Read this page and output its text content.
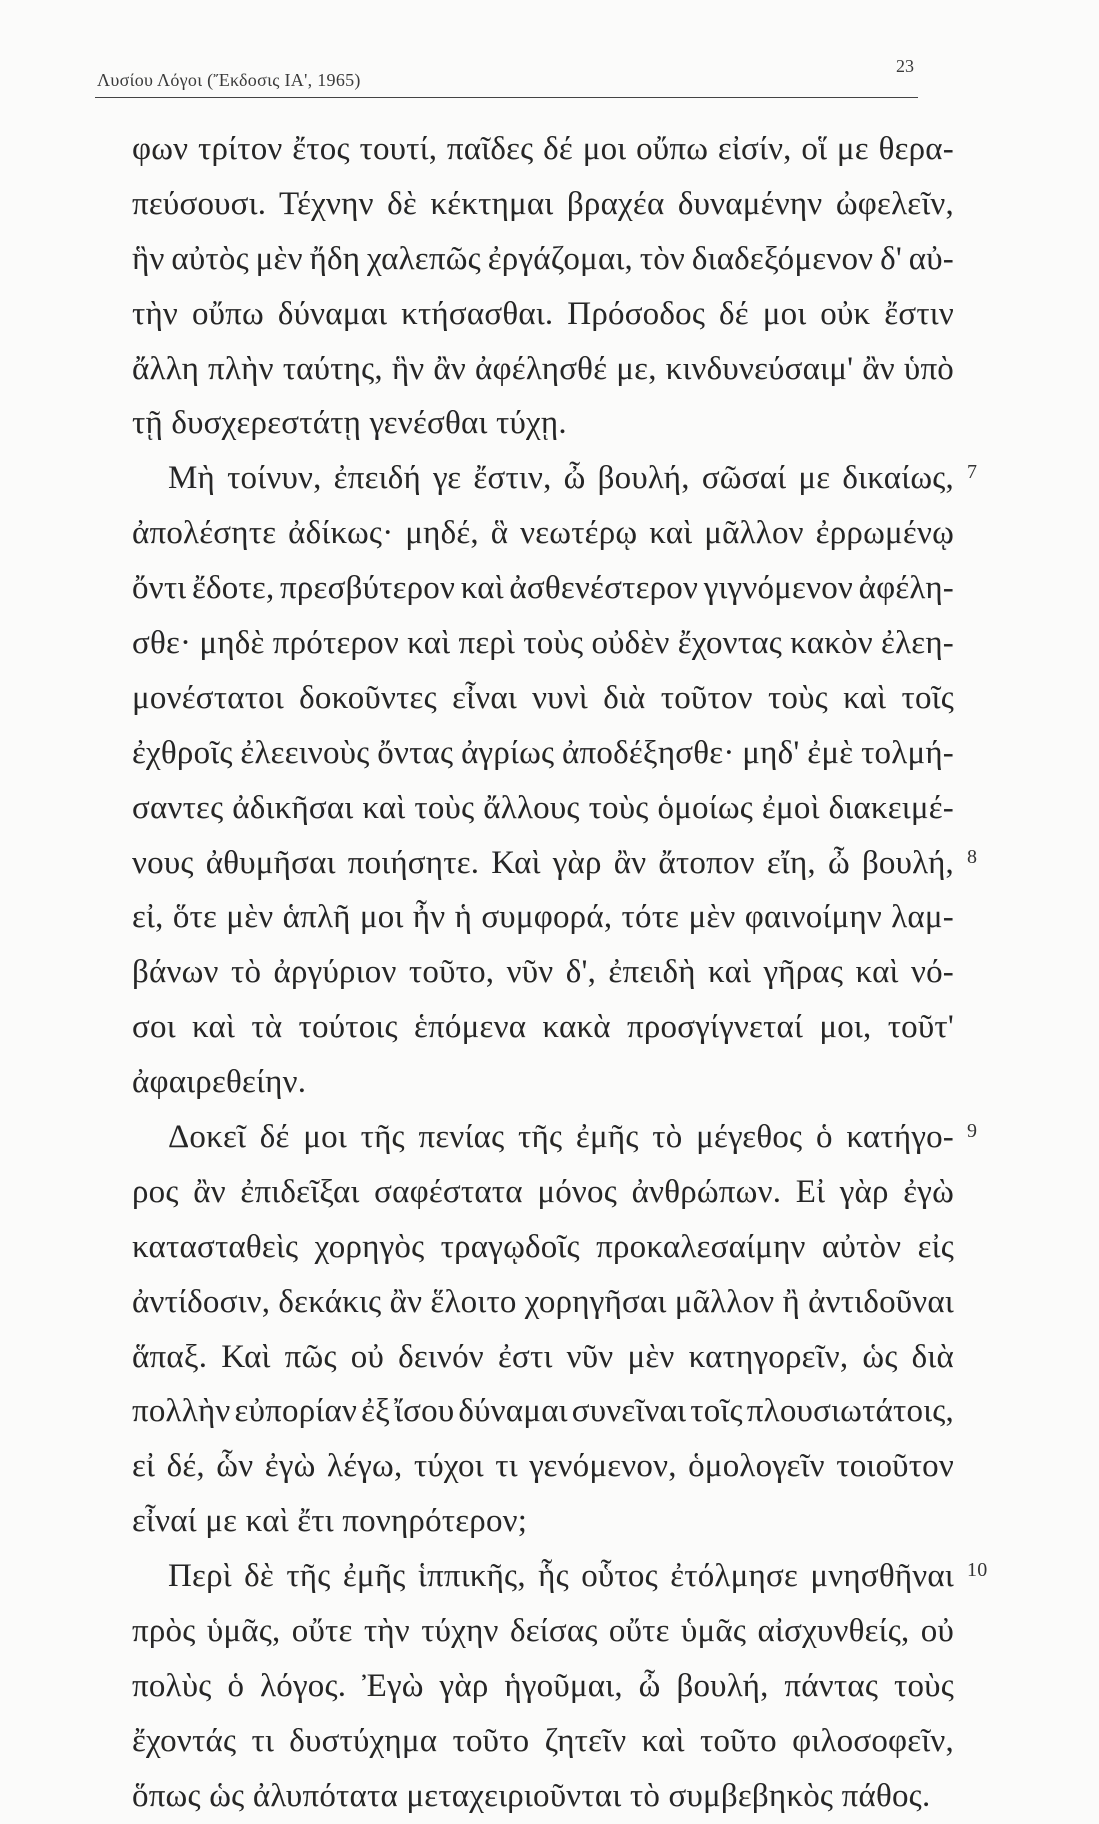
Λυσίου Λόγοι (Ἔκδοσις ΙΑ', 1965)
23
φων τρίτον ἔτος τουτί, παῖδες δέ μοι οὔπω εἰσίν, οἵ με θερα-
πεύσουσι. Τέχνην δὲ κέκτημαι βραχέα δυναμένην ὠφελεῖν,
ἣν αὐτὸς μὲν ἤδη χαλεπῶς ἐργάζομαι, τὸν διαδεξόμενον δ' αὐ-
τὴν οὔπω δύναμαι κτήσασθαι. Πρόσοδος δέ μοι οὐκ ἔστιν
ἄλλη πλὴν ταύτης, ἣν ἂν ἀφέλησθέ με, κινδυνεύσαιμ' ἂν ὑπὸ
τῇ δυσχερεστάτῃ γενέσθαι τύχῃ.
Μὴ τοίνυν, ἐπειδή γε ἔστιν, ὦ βουλή, σῶσαί με δικαίως, 7
ἀπολέσητε ἀδίκως· μηδέ, ἃ νεωτέρῳ καὶ μᾶλλον ἐρρωμένῳ
ὄντι ἔδοτε, πρεσβύτερον καὶ ἀσθενέστερον γιγνόμενον ἀφέλη-
σθε· μηδὲ πρότερον καὶ περὶ τοὺς οὐδὲν ἔχοντας κακὸν ἐλεη-
μονέστατοι δοκοῦντες εἶναι νυνὶ διὰ τοῦτον τοὺς καὶ τοῖς
ἐχθροῖς ἐλεεινοὺς ὄντας ἀγρίως ἀποδέξησθε· μηδ' ἐμὲ τολμή-
σαντες ἀδικῆσαι καὶ τοὺς ἄλλους τοὺς ὁμοίως ἐμοὶ διακειμέ-
νους ἀθυμῆσαι ποιήσητε. Καὶ γὰρ ἂν ἄτοπον εἴη, ὦ βουλή, 8
εἰ, ὅτε μὲν ἁπλῆ μοι ἦν ἡ συμφορά, τότε μὲν φαινοίμην λαμ-
βάνων τὸ ἀργύριον τοῦτο, νῦν δ', ἐπειδὴ καὶ γῆρας καὶ νό-
σοι καὶ τὰ τούτοις ἑπόμενα κακὰ προσγίγνεταί μοι, τοῦτ'
ἀφαιρεθείην.
Δοκεῖ δέ μοι τῆς πενίας τῆς ἐμῆς τὸ μέγεθος ὁ κατήγο- 9
ρος ἂν ἐπιδεῖξαι σαφέστατα μόνος ἀνθρώπων. Εἰ γὰρ ἐγὼ
κατασταθεὶς χορηγὸς τραγῳδοῖς προκαλεσαίμην αὐτὸν εἰς
ἀντίδοσιν, δεκάκις ἂν ἕλοιτο χορηγῆσαι μᾶλλον ἢ ἀντιδοῦναι
ἅπαξ. Καὶ πῶς οὐ δεινόν ἐστι νῦν μὲν κατηγορεῖν, ὡς διὰ
πολλὴν εὐπορίαν ἐξ ἴσου δύναμαι συνεῖναι τοῖς πλουσιωτάτοις,
εἰ δέ, ὧν ἐγὼ λέγω, τύχοι τι γενόμενον, ὁμολογεῖν τοιοῦτον
εἶναί με καὶ ἔτι πονηρότερον;
Περὶ δὲ τῆς ἐμῆς ἱππικῆς, ἧς οὗτος ἐτόλμησε μνησθῆναι 10
πρὸς ὑμᾶς, οὔτε τὴν τύχην δείσας οὔτε ὑμᾶς αἰσχυνθείς, οὐ
πολὺς ὁ λόγος. Ἐγὼ γὰρ ἡγοῦμαι, ὦ βουλή, πάντας τοὺς
ἔχοντάς τι δυστύχημα τοῦτο ζητεῖν καὶ τοῦτο φιλοσοφεῖν,
ὅπως ὡς ἀλυπότατα μεταχειριοῦνται τὸ συμβεβηκὸς πάθος.
